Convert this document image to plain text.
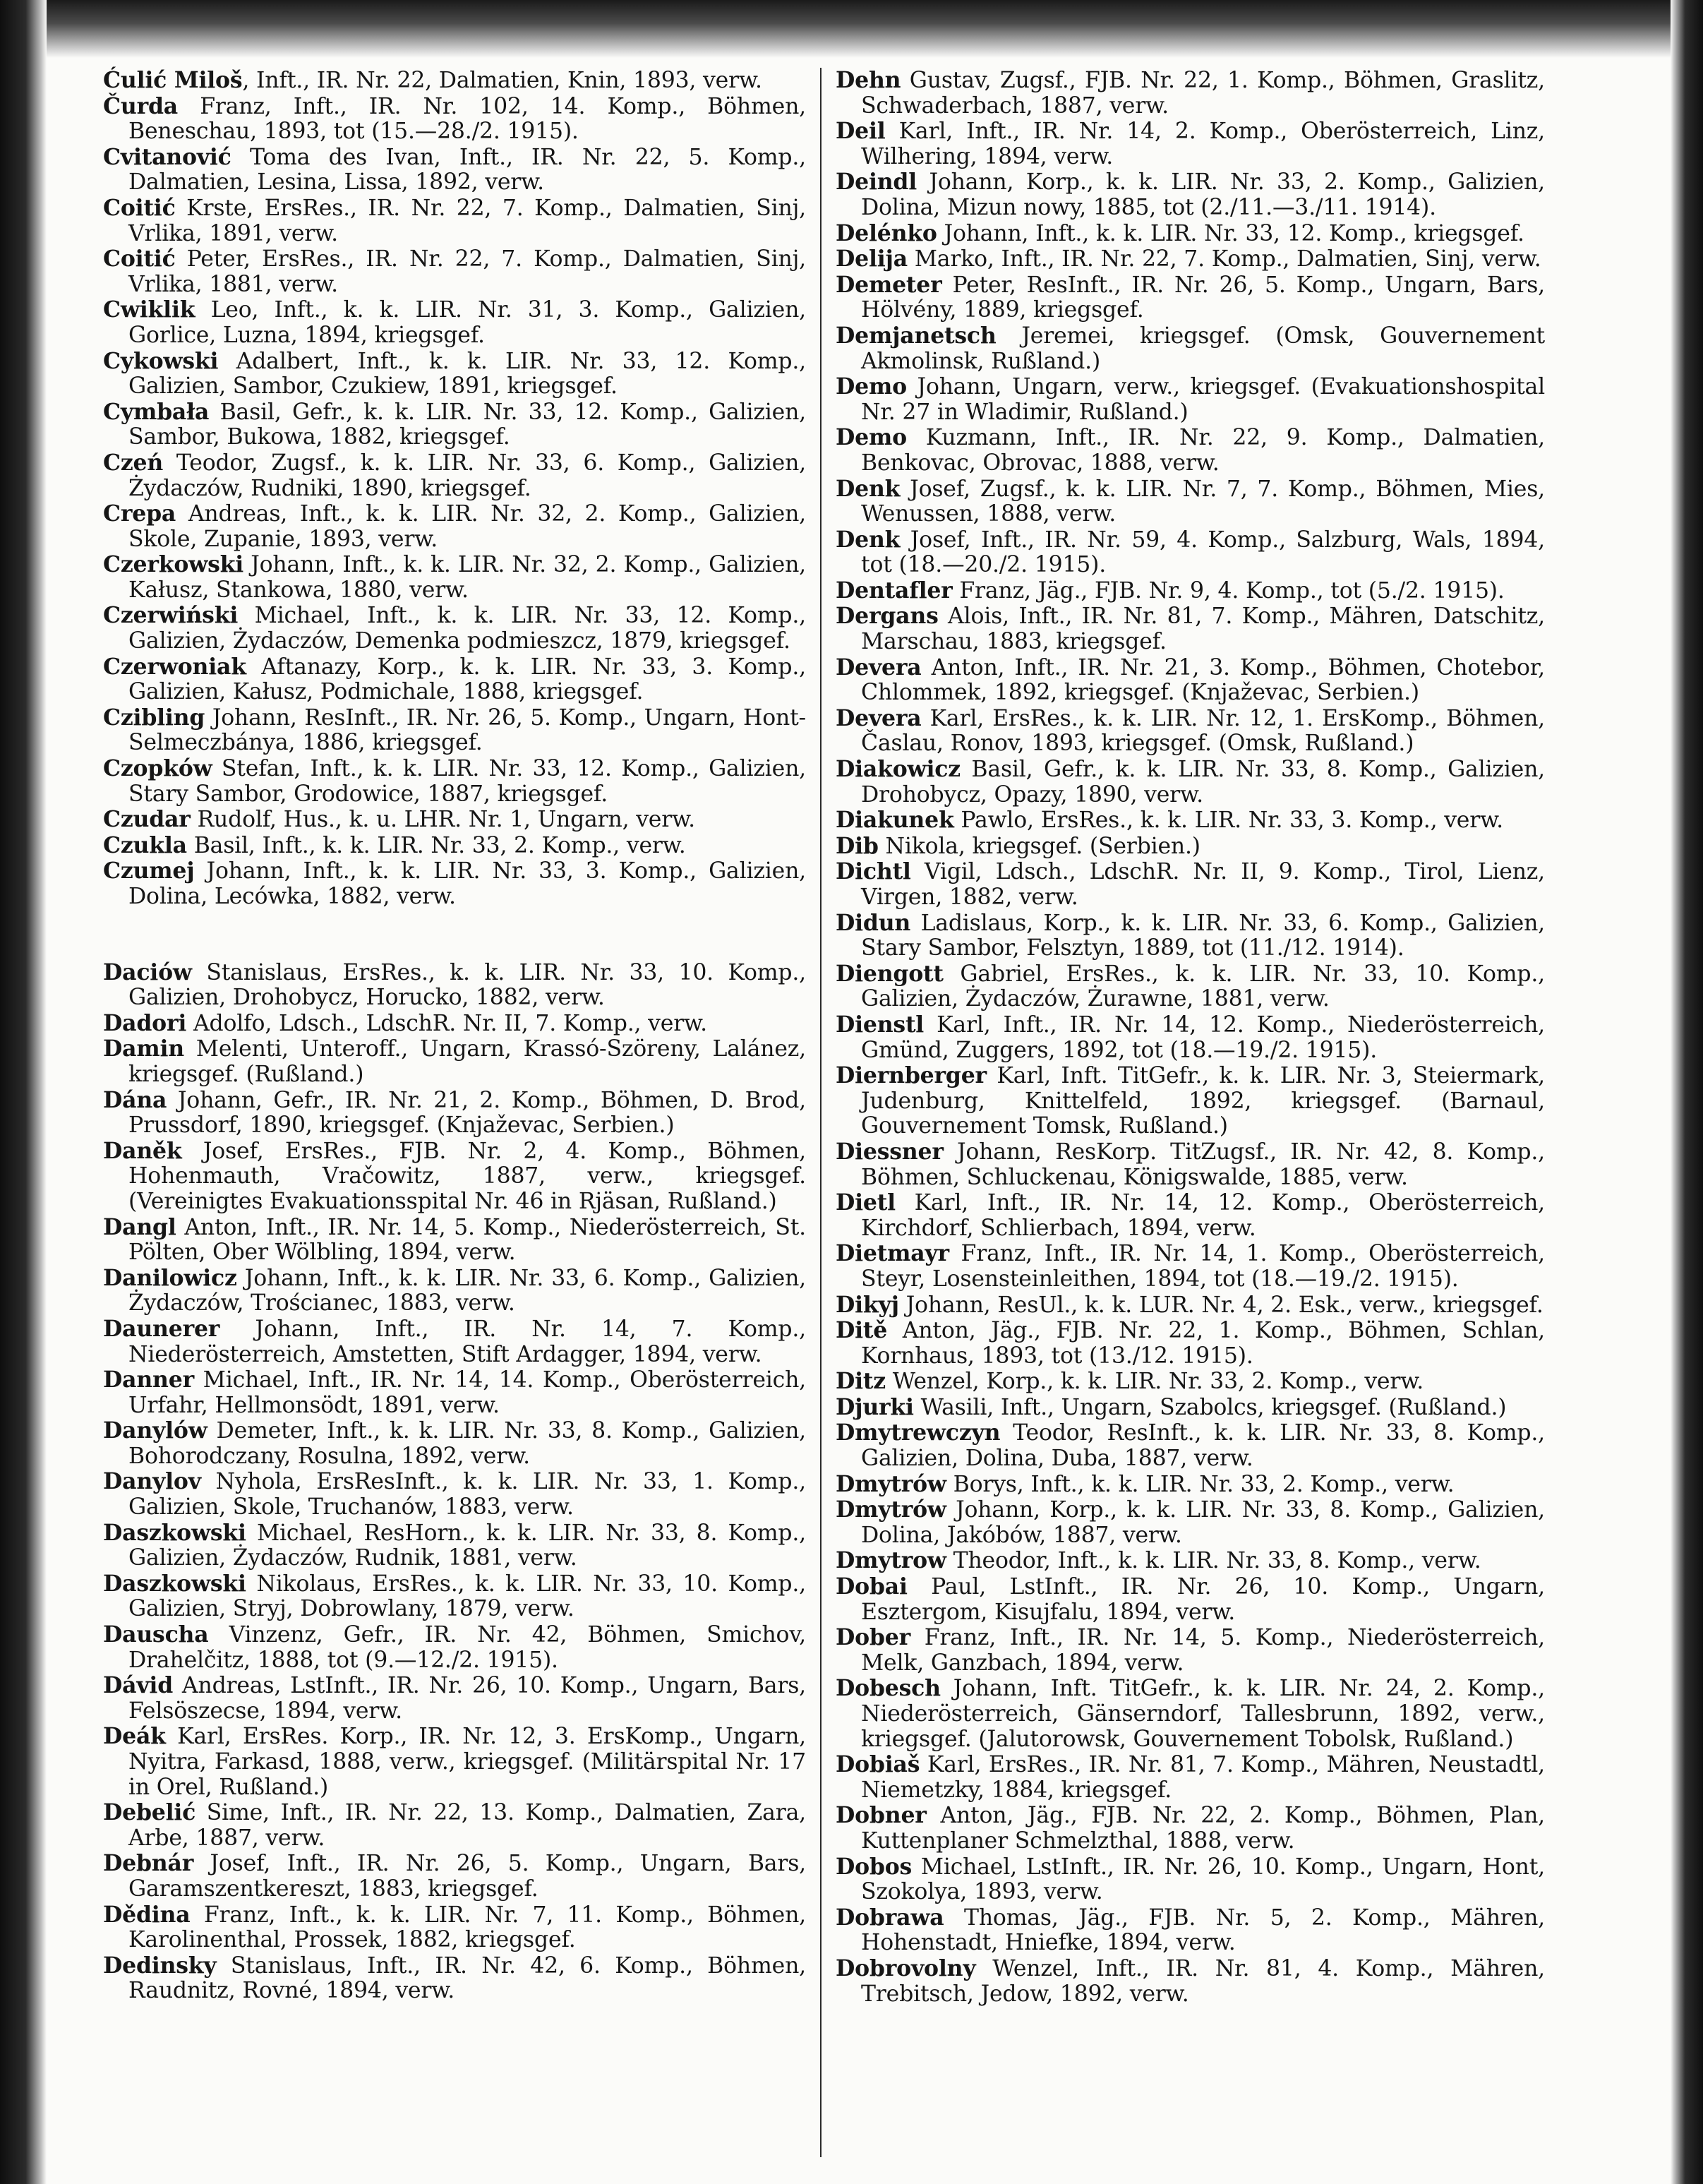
Ćulić Miloš, Inft., IR. Nr. 22, Dalmatien, Knin, 1893, verw.

Čurda Franz, Inft., IR. Nr. 102, 14. Komp., Böhmen, Beneschau, 1893, tot (15.—28./2. 1915).

Cvitanović Toma des Ivan, Inft., IR. Nr. 22, 5. Komp., Dalmatien, Lesina, Lissa, 1892, verw.

Coitić Krste, ErsRes., IR. Nr. 22, 7. Komp., Dalmatien, Sinj, Vrlika, 1891, verw.

Coitić Peter, ErsRes., IR. Nr. 22, 7. Komp., Dalmatien, Sinj, Vrlika, 1881, verw.

Cwiklik Leo, Inft., k. k. LIR. Nr. 31, 3. Komp., Galizien, Gorlice, Luzna, 1894, kriegsgef.

Cykowski Adalbert, Inft., k. k. LIR. Nr. 33, 12. Komp., Galizien, Sambor, Czukiew, 1891, kriegsgef.

Cymbała Basil, Gefr., k. k. LIR. Nr. 33, 12. Komp., Galizien, Sambor, Bukowa, 1882, kriegsgef.

Czeń Teodor, Zugsf., k. k. LIR. Nr. 33, 6. Komp., Galizien, Żydaczów, Rudniki, 1890, kriegsgef.

Crepa Andreas, Inft., k. k. LIR. Nr. 32, 2. Komp., Galizien, Skole, Zupanie, 1893, verw.

Czerkowski Johann, Inft., k. k. LIR. Nr. 32, 2. Komp., Galizien, Kałusz, Stankowa, 1880, verw.

Czerwiński Michael, Inft., k. k. LIR. Nr. 33, 12. Komp., Galizien, Żydaczów, Demenka podmieszcz, 1879, kriegsgef.

Czerwoniak Aftanazy, Korp., k. k. LIR. Nr. 33, 3. Komp., Galizien, Kałusz, Podmichale, 1888, kriegsgef.

Czibling Johann, ResInft., IR. Nr. 26, 5. Komp., Ungarn, Hont-Selmeczbánya, 1886, kriegsgef.

Czopków Stefan, Inft., k. k. LIR. Nr. 33, 12. Komp., Galizien, Stary Sambor, Grodowice, 1887, kriegsgef.

Czudar Rudolf, Hus., k. u. LHR. Nr. 1, Ungarn, verw.

Czukla Basil, Inft., k. k. LIR. Nr. 33, 2. Komp., verw.

Czumej Johann, Inft., k. k. LIR. Nr. 33, 3. Komp., Galizien, Dolina, Lecówka, 1882, verw.

Daciów Stanislaus, ErsRes., k. k. LIR. Nr. 33, 10. Komp., Galizien, Drohobycz, Horucko, 1882, verw.

Dadori Adolfo, Ldsch., LdschR. Nr. II, 7. Komp., verw.

Damin Melenti, Unteroff., Ungarn, Krassó-Szöreny, Lalánez, kriegsgef. (Rußland.)

Dána Johann, Gefr., IR. Nr. 21, 2. Komp., Böhmen, D. Brod, Prussdorf, 1890, kriegsgef. (Knjaževac, Serbien.)

Daněk Josef, ErsRes., FJB. Nr. 2, 4. Komp., Böhmen, Hohenmauth, Vračowitz, 1887, verw., kriegsgef. (Vereinigtes Evakuationsspital Nr. 46 in Rjäsan, Rußland.)

Dangl Anton, Inft., IR. Nr. 14, 5. Komp., Niederösterreich, St. Pölten, Ober Wölbling, 1894, verw.

Danilowicz Johann, Inft., k. k. LIR. Nr. 33, 6. Komp., Galizien, Żydaczów, Trościanec, 1883, verw.

Daunerer Johann, Inft., IR. Nr. 14, 7. Komp., Niederösterreich, Amstetten, Stift Ardagger, 1894, verw.

Danner Michael, Inft., IR. Nr. 14, 14. Komp., Oberösterreich, Urfahr, Hellmonsödt, 1891, verw.

Danylów Demeter, Inft., k. k. LIR. Nr. 33, 8. Komp., Galizien, Bohorodczany, Rosulna, 1892, verw.

Danylov Nyhola, ErsResInft., k. k. LIR. Nr. 33, 1. Komp., Galizien, Skole, Truchanów, 1883, verw.

Daszkowski Michael, ResHorn., k. k. LIR. Nr. 33, 8. Komp., Galizien, Żydaczów, Rudnik, 1881, verw.

Daszkowski Nikolaus, ErsRes., k. k. LIR. Nr. 33, 10. Komp., Galizien, Stryj, Dobrowlany, 1879, verw.

Dauscha Vinzenz, Gefr., IR. Nr. 42, Böhmen, Smichov, Drahelčitz, 1888, tot (9.—12./2. 1915).

Dávid Andreas, LstInft., IR. Nr. 26, 10. Komp., Ungarn, Bars, Felsöszecse, 1894, verw.

Deák Karl, ErsRes. Korp., IR. Nr. 12, 3. ErsKomp., Ungarn, Nyitra, Farkasd, 1888, verw., kriegsgef. (Militärspital Nr. 17 in Orel, Rußland.)

Debelić Sime, Inft., IR. Nr. 22, 13. Komp., Dalmatien, Zara, Arbe, 1887, verw.

Debnár Josef, Inft., IR. Nr. 26, 5. Komp., Ungarn, Bars, Garamszentkereszt, 1883, kriegsgef.

Dědina Franz, Inft., k. k. LIR. Nr. 7, 11. Komp., Böhmen, Karolinenthal, Prossek, 1882, kriegsgef.

Dedinsky Stanislaus, Inft., IR. Nr. 42, 6. Komp., Böhmen, Raudnitz, Rovné, 1894, verw.

Dehn Gustav, Zugsf., FJB. Nr. 22, 1. Komp., Böhmen, Graslitz, Schwaderbach, 1887, verw.

Deil Karl, Inft., IR. Nr. 14, 2. Komp., Oberösterreich, Linz, Wilhering, 1894, verw.

Deindl Johann, Korp., k. k. LIR. Nr. 33, 2. Komp., Galizien, Dolina, Mizun nowy, 1885, tot (2./11.—3./11. 1914).

Delénko Johann, Inft., k. k. LIR. Nr. 33, 12. Komp., kriegsgef.

Delija Marko, Inft., IR. Nr. 22, 7. Komp., Dalmatien, Sinj, verw.

Demeter Peter, ResInft., IR. Nr. 26, 5. Komp., Ungarn, Bars, Hölvény, 1889, kriegsgef.

Demjanetsch Jeremei, kriegsgef. (Omsk, Gouvernement Akmolinsk, Rußland.)

Demo Johann, Ungarn, verw., kriegsgef. (Evakuationshospital Nr. 27 in Wladimir, Rußland.)

Demo Kuzmann, Inft., IR. Nr. 22, 9. Komp., Dalmatien, Benkovac, Obrovac, 1888, verw.

Denk Josef, Zugsf., k. k. LIR. Nr. 7, 7. Komp., Böhmen, Mies, Wenussen, 1888, verw.

Denk Josef, Inft., IR. Nr. 59, 4. Komp., Salzburg, Wals, 1894, tot (18.—20./2. 1915).

Dentafler Franz, Jäg., FJB. Nr. 9, 4. Komp., tot (5./2. 1915).

Dergans Alois, Inft., IR. Nr. 81, 7. Komp., Mähren, Datschitz, Marschau, 1883, kriegsgef.

Devera Anton, Inft., IR. Nr. 21, 3. Komp., Böhmen, Chotebor, Chlommek, 1892, kriegsgef. (Knjaževac, Serbien.)

Devera Karl, ErsRes., k. k. LIR. Nr. 12, 1. ErsKomp., Böhmen, Časlau, Ronov, 1893, kriegsgef. (Omsk, Rußland.)

Diakowicz Basil, Gefr., k. k. LIR. Nr. 33, 8. Komp., Galizien, Drohobycz, Opazy, 1890, verw.

Diakunek Pawlo, ErsRes., k. k. LIR. Nr. 33, 3. Komp., verw.

Dib Nikola, kriegsgef. (Serbien.)

Dichtl Vigil, Ldsch., LdschR. Nr. II, 9. Komp., Tirol, Lienz, Virgen, 1882, verw.

Didun Ladislaus, Korp., k. k. LIR. Nr. 33, 6. Komp., Galizien, Stary Sambor, Felsztyn, 1889, tot (11./12. 1914).

Diengott Gabriel, ErsRes., k. k. LIR. Nr. 33, 10. Komp., Galizien, Żydaczów, Żurawne, 1881, verw.

Dienstl Karl, Inft., IR. Nr. 14, 12. Komp., Niederösterreich, Gmünd, Zuggers, 1892, tot (18.—19./2. 1915).

Diernberger Karl, Inft. TitGefr., k. k. LIR. Nr. 3, Steiermark, Judenburg, Knittelfeld, 1892, kriegsgef. (Barnaul, Gouvernement Tomsk, Rußland.)

Diessner Johann, ResKorp. TitZugsf., IR. Nr. 42, 8. Komp., Böhmen, Schluckenau, Königswalde, 1885, verw.

Dietl Karl, Inft., IR. Nr. 14, 12. Komp., Oberösterreich, Kirchdorf, Schlierbach, 1894, verw.

Dietmayr Franz, Inft., IR. Nr. 14, 1. Komp., Oberösterreich, Steyr, Losensteinleithen, 1894, tot (18.—19./2. 1915).

Dikyj Johann, ResUl., k. k. LUR. Nr. 4, 2. Esk., verw., kriegsgef.

Ditě Anton, Jäg., FJB. Nr. 22, 1. Komp., Böhmen, Schlan, Kornhaus, 1893, tot (13./12. 1915).

Ditz Wenzel, Korp., k. k. LIR. Nr. 33, 2. Komp., verw.

Djurki Wasili, Inft., Ungarn, Szabolcs, kriegsgef. (Rußland.)

Dmytrewczyn Teodor, ResInft., k. k. LIR. Nr. 33, 8. Komp., Galizien, Dolina, Duba, 1887, verw.

Dmytrów Borys, Inft., k. k. LIR. Nr. 33, 2. Komp., verw.

Dmytrów Johann, Korp., k. k. LIR. Nr. 33, 8. Komp., Galizien, Dolina, Jakóbów, 1887, verw.

Dmytrow Theodor, Inft., k. k. LIR. Nr. 33, 8. Komp., verw.

Dobai Paul, LstInft., IR. Nr. 26, 10. Komp., Ungarn, Esztergom, Kisujfalu, 1894, verw.

Dober Franz, Inft., IR. Nr. 14, 5. Komp., Niederösterreich, Melk, Ganzbach, 1894, verw.

Dobesch Johann, Inft. TitGefr., k. k. LIR. Nr. 24, 2. Komp., Niederösterreich, Gänserndorf, Tallesbrunn, 1892, verw., kriegsgef. (Jalutorowsk, Gouvernement Tobolsk, Rußland.)

Dobiaš Karl, ErsRes., IR. Nr. 81, 7. Komp., Mähren, Neustadtl, Niemetzky, 1884, kriegsgef.

Dobner Anton, Jäg., FJB. Nr. 22, 2. Komp., Böhmen, Plan, Kuttenplaner Schmelzthal, 1888, verw.

Dobos Michael, LstInft., IR. Nr. 26, 10. Komp., Ungarn, Hont, Szokolya, 1893, verw.

Dobrawa Thomas, Jäg., FJB. Nr. 5, 2. Komp., Mähren, Hohenstadt, Hniefke, 1894, verw.

Dobrovolny Wenzel, Inft., IR. Nr. 81, 4. Komp., Mähren, Trebitsch, Jedow, 1892, verw.
